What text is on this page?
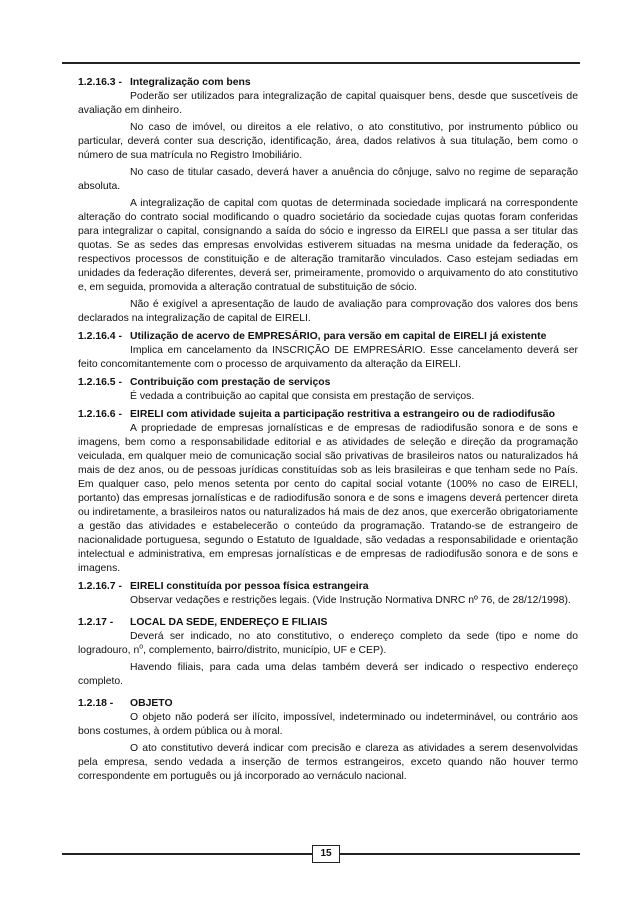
1.2.16.3 - Integralização com bens

Poderão ser utilizados para integralização de capital quaisquer bens, desde que suscetíveis de avaliação em dinheiro.

No caso de imóvel, ou direitos a ele relativo, o ato constitutivo, por instrumento público ou particular, deverá conter sua descrição, identificação, área, dados relativos à sua titulação, bem como o número de sua matrícula no Registro Imobiliário.

No caso de titular casado, deverá haver a anuência do cônjuge, salvo no regime de separação absoluta.

A integralização de capital com quotas de determinada sociedade implicará na correspondente alteração do contrato social modificando o quadro societário da sociedade cujas quotas foram conferidas para integralizar o capital, consignando a saída do sócio e ingresso da EIRELI que passa a ser titular das quotas. Se as sedes das empresas envolvidas estiverem situadas na mesma unidade da federação, os respectivos processos de constituição e de alteração tramitarão vinculados. Caso estejam sediadas em unidades da federação diferentes, deverá ser, primeiramente, promovido o arquivamento do ato constitutivo e, em seguida, promovida a alteração contratual de substituição de sócio.

Não é exigível a apresentação de laudo de avaliação para comprovação dos valores dos bens declarados na integralização de capital de EIRELI.

1.2.16.4 - Utilização de acervo de EMPRESÁRIO, para versão em capital de EIRELI já existente

Implica em cancelamento da INSCRIÇÃO DE EMPRESÁRIO. Esse cancelamento deverá ser feito concomitantemente com o processo de arquivamento da alteração da EIRELI.

1.2.16.5 - Contribuição com prestação de serviços

É vedada a contribuição ao capital que consista em prestação de serviços.

1.2.16.6 - EIRELI com atividade sujeita a participação restritiva a estrangeiro ou de radiodifusão

A propriedade de empresas jornalísticas e de empresas de radiodifusão sonora e de sons e imagens, bem como a responsabilidade editorial e as atividades de seleção e direção da programação veiculada, em qualquer meio de comunicação social são privativas de brasileiros natos ou naturalizados há mais de dez anos, ou de pessoas jurídicas constituídas sob as leis brasileiras e que tenham sede no País. Em qualquer caso, pelo menos setenta por cento do capital social votante (100% no caso de EIRELI, portanto) das empresas jornalísticas e de radiodifusão sonora e de sons e imagens deverá pertencer direta ou indiretamente, a brasileiros natos ou naturalizados há mais de dez anos, que exercerão obrigatoriamente a gestão das atividades e estabelecerão o conteúdo da programação. Tratando-se de estrangeiro de nacionalidade portuguesa, segundo o Estatuto de Igualdade, são vedadas a responsabilidade e orientação intelectual e administrativa, em empresas jornalísticas e de empresas de radiodifusão sonora e de sons e imagens.

1.2.16.7 - EIRELI constituída por pessoa física estrangeira

Observar vedações e restrições legais. (Vide Instrução Normativa DNRC nº 76, de 28/12/1998).

1.2.17 -	LOCAL DA SEDE, ENDEREÇO E FILIAIS

Deverá ser indicado, no ato constitutivo, o endereço completo da sede (tipo e nome do logradouro, $n^o$, complemento, bairro/distrito, município, UF e CEP).

Havendo filiais, para cada uma delas também deverá ser indicado o respectivo endereço completo.

1.2.18 -	OBJETO

O objeto não poderá ser ilícito, impossível, indeterminado ou indeterminável, ou contrário aos bons costumes, à ordem pública ou à moral.

O ato constitutivo deverá indicar com precisão e clareza as atividades a serem desenvolvidas pela empresa, sendo vedada a inserção de termos estrangeiros, exceto quando não houver termo correspondente em português ou já incorporado ao vernáculo nacional.

15
